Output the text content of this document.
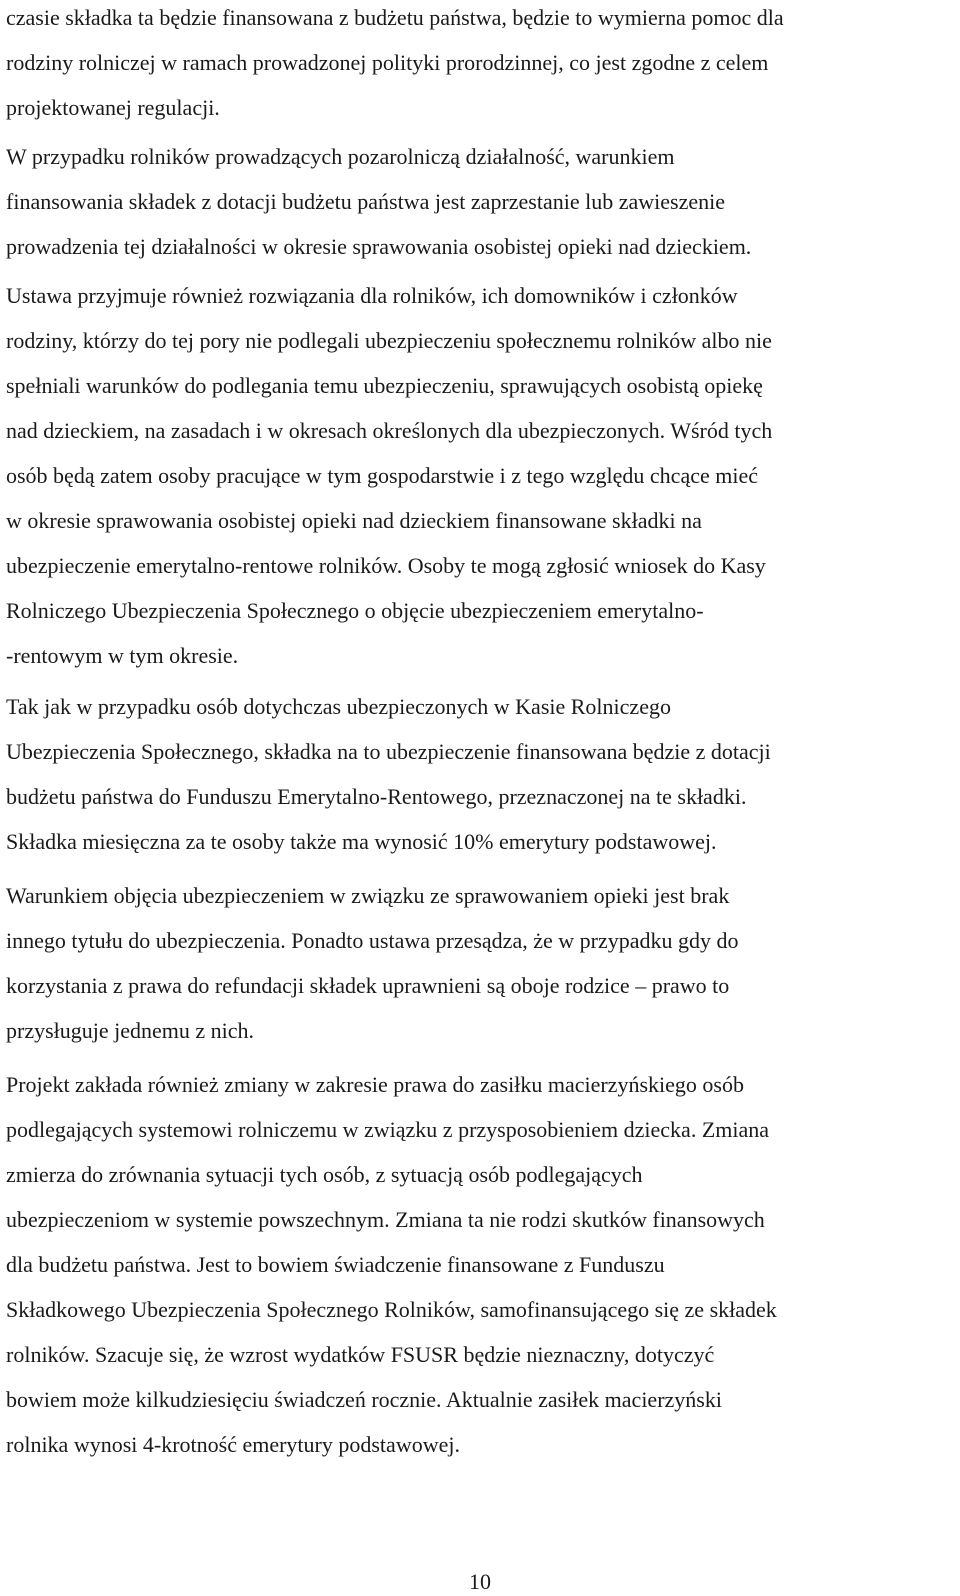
czasie składka ta będzie finansowana z budżetu państwa, będzie to wymierna pomoc dla
rodziny rolniczej w ramach prowadzonej polityki prorodzinnej, co jest zgodne z celem
projektowanej regulacji.
W przypadku rolników prowadzących pozarolniczą działalność, warunkiem
finansowania składek z dotacji budżetu państwa jest zaprzestanie lub zawieszenie
prowadzenia tej działalności w okresie sprawowania osobistej opieki nad dzieckiem.
Ustawa przyjmuje również rozwiązania dla rolników, ich domowników i członków
rodziny, którzy do tej pory nie podlegali ubezpieczeniu społecznemu rolników albo nie
spełniali warunków do podlegania temu ubezpieczeniu, sprawujących osobistą opiekę
nad dzieckiem, na zasadach i w okresach określonych dla ubezpieczonych. Wśród tych
osób będą zatem osoby pracujące w tym gospodarstwie i z tego względu chcące mieć
w okresie sprawowania osobistej opieki nad dzieckiem finansowane składki na
ubezpieczenie emerytalno-rentowe rolników. Osoby te mogą zgłosić wniosek do Kasy
Rolniczego Ubezpieczenia Społecznego o objęcie ubezpieczeniem emerytalno-
-rentowym w tym okresie.
Tak jak w przypadku osób dotychczas ubezpieczonych w Kasie Rolniczego
Ubezpieczenia Społecznego, składka na to ubezpieczenie finansowana będzie z dotacji
budżetu państwa do Funduszu Emerytalno-Rentowego, przeznaczonej na te składki.
Składka miesięczna za te osoby także ma wynosić 10% emerytury podstawowej.
Warunkiem objęcia ubezpieczeniem w związku ze sprawowaniem opieki jest brak
innego tytułu do ubezpieczenia. Ponadto ustawa przesądza, że w przypadku gdy do
korzystania z prawa do refundacji składek uprawnieni są oboje rodzice – prawo to
przysługuje jednemu z nich.
Projekt zakłada również zmiany w zakresie prawa do zasiłku macierzyńskiego osób
podlegających systemowi rolniczemu w związku z przysposobieniem dziecka. Zmiana
zmierza do zrównania sytuacji tych osób, z sytuacją osób podlegających
ubezpieczeniom w systemie powszechnym. Zmiana ta nie rodzi skutków finansowych
dla budżetu państwa. Jest to bowiem świadczenie finansowane z Funduszu
Składkowego Ubezpieczenia Społecznego Rolników, samofinansującego się ze składek
rolników. Szacuje się, że wzrost wydatków FSUSR będzie nieznaczny, dotyczyć
bowiem może kilkudziesięciu świadczeń rocznie. Aktualnie zasiłek macierzyński
rolnika wynosi 4-krotność emerytury podstawowej.
10
